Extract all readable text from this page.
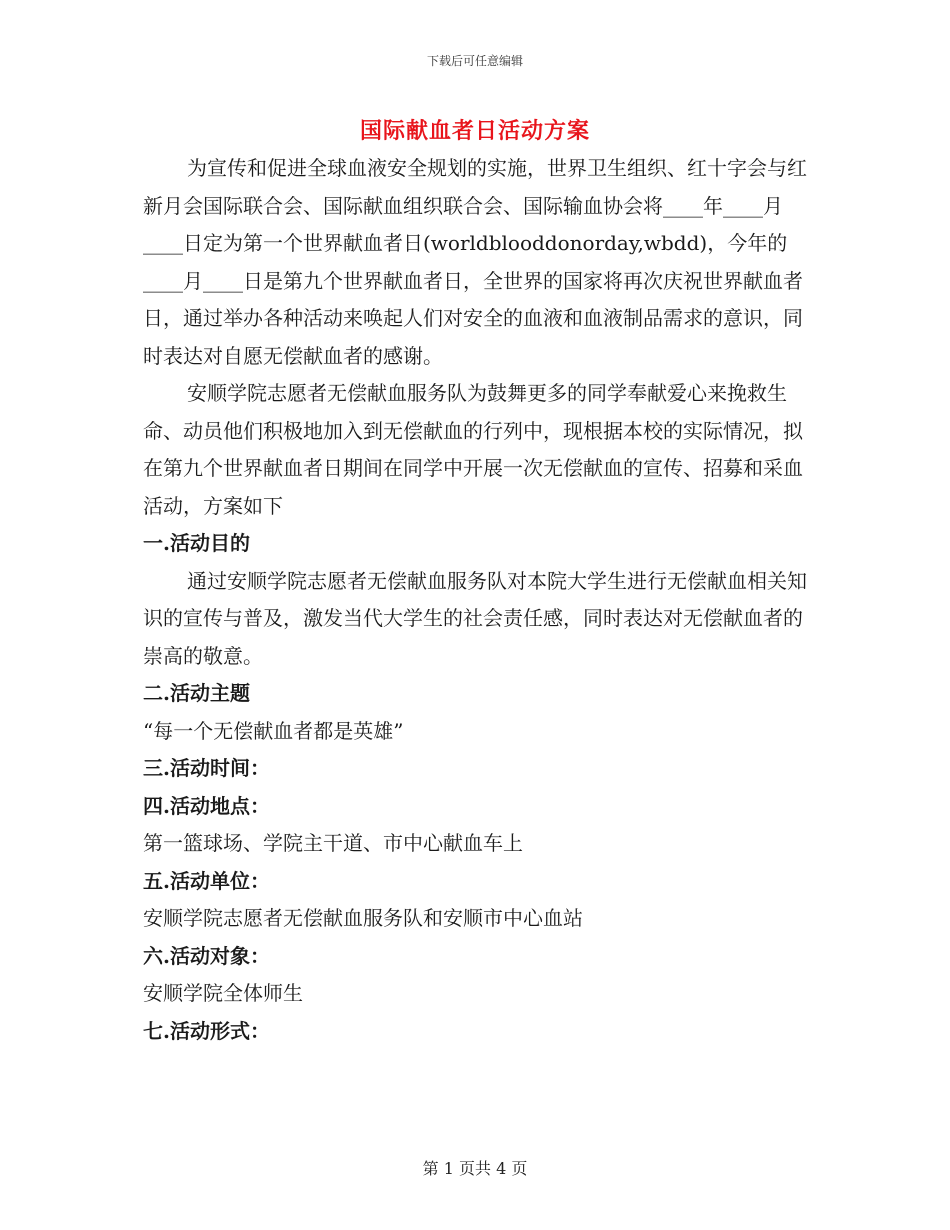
下载后可任意编辑
国际献血者日活动方案

为宣传和促进全球血液安全规划的实施，世界卫生组织、红十字会与红新月会国际联合会、国际献血组织联合会、国际输血协会将____年____月____日定为第一个世界献血者日(worldblooddonorday,wbdd)，今年的____月____日是第九个世界献血者日，全世界的国家将再次庆祝世界献血者日，通过举办各种活动来唤起人们对安全的血液和血液制品需求的意识，同时表达对自愿无偿献血者的感谢。

安顺学院志愿者无偿献血服务队为鼓舞更多的同学奉献爱心来挽救生命、动员他们积极地加入到无偿献血的行列中，现根据本校的实际情况，拟在第九个世界献血者日期间在同学中开展一次无偿献血的宣传、招募和采血活动，方案如下

一.活动目的

通过安顺学院志愿者无偿献血服务队对本院大学生进行无偿献血相关知识的宣传与普及，激发当代大学生的社会责任感，同时表达对无偿献血者的崇高的敬意。

二.活动主题

“每一个无偿献血者都是英雄”

三.活动时间：

四.活动地点：

第一篮球场、学院主干道、市中心献血车上

五.活动单位：

安顺学院志愿者无偿献血服务队和安顺市中心血站

六.活动对象：

安顺学院全体师生

七.活动形式：

第 1 页共 4 页
